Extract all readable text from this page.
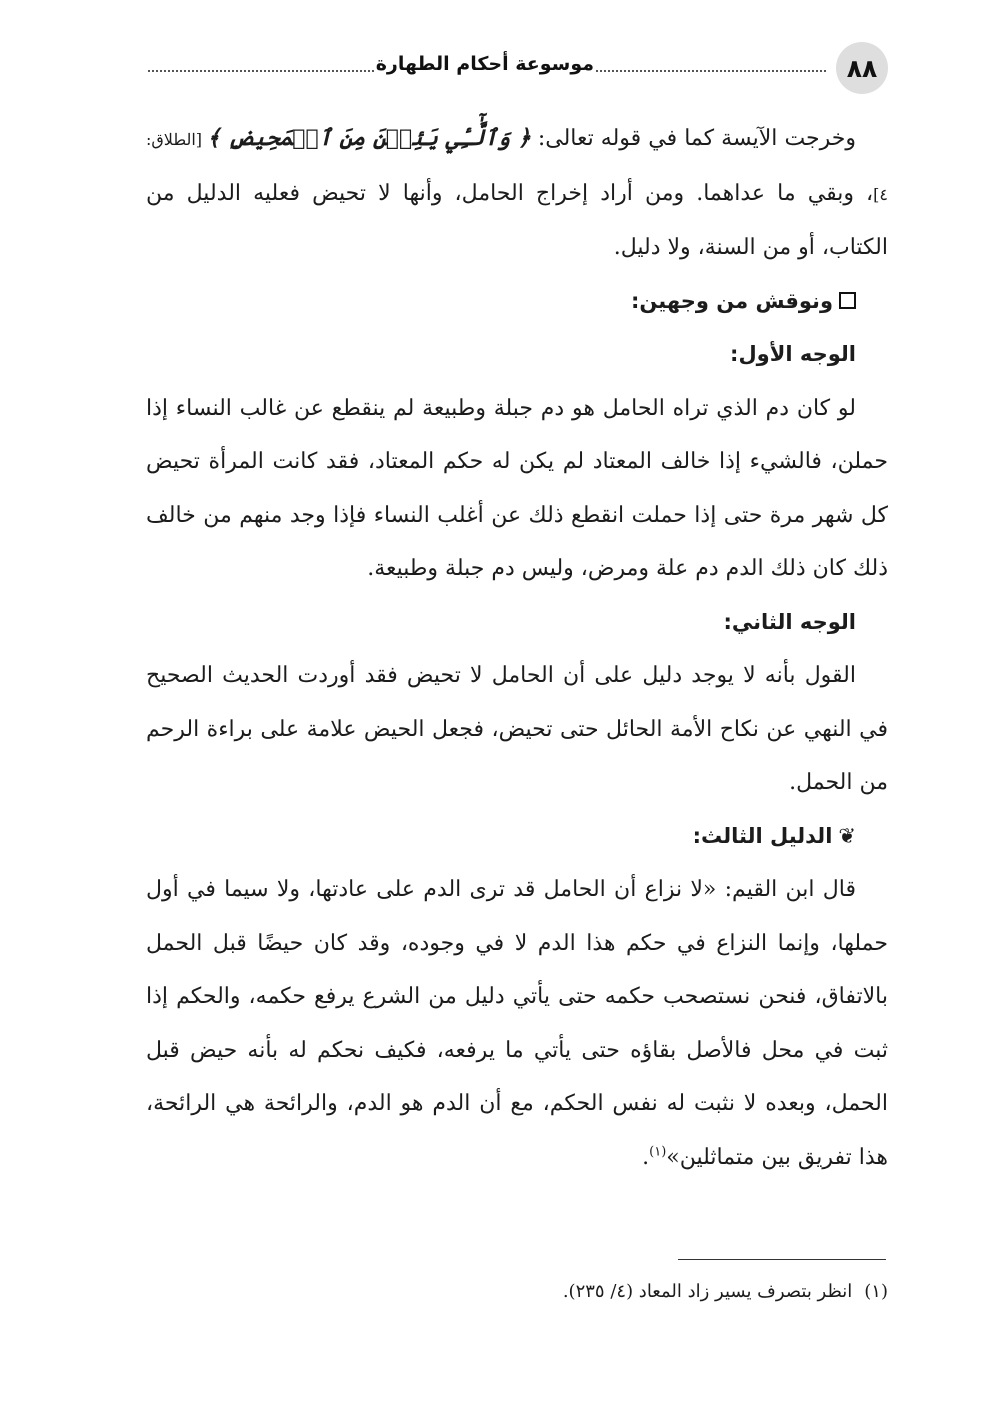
٨٨
موسوعة أحكام الطهارة

وخرجت الآيسة كما في قوله تعالى: ﴿ وَٱلَّٰٓـِٔي يَئِسۡنَ مِنَ ٱلۡمَحِيضِ ﴾ [الطلاق: ٤]، وبقي ما عداهما. ومن أراد إخراج الحامل، وأنها لا تحيض فعليه الدليل من الكتاب، أو من السنة، ولا دليل.

ونوقش من وجهين:

الوجه الأول:

لو كان دم الذي تراه الحامل هو دم جبلة وطبيعة لم ينقطع عن غالب النساء إذا حملن، فالشيء إذا خالف المعتاد لم يكن له حكم المعتاد، فقد كانت المرأة تحيض كل شهر مرة حتى إذا حملت انقطع ذلك عن أغلب النساء فإذا وجد منهم من خالف ذلك كان ذلك الدم دم علة ومرض، وليس دم جبلة وطبيعة.

الوجه الثاني:

القول بأنه لا يوجد دليل على أن الحامل لا تحيض فقد أوردت الحديث الصحيح في النهي عن نكاح الأمة الحائل حتى تحيض، فجعل الحيض علامة على براءة الرحم من الحمل.

❦الدليل الثالث:

قال ابن القيم: «لا نزاع أن الحامل قد ترى الدم على عادتها، ولا سيما في أول حملها، وإنما النزاع في حكم هذا الدم لا في وجوده، وقد كان حيضًا قبل الحمل بالاتفاق، فنحن نستصحب حكمه حتى يأتي دليل من الشرع يرفع حكمه، والحكم إذا ثبت في محل فالأصل بقاؤه حتى يأتي ما يرفعه، فكيف نحكم له بأنه حيض قبل الحمل، وبعده لا نثبت له نفس الحكم، مع أن الدم هو الدم، والرائحة هي الرائحة، هذا تفريق بين متماثلين»$^{(١)}$.

(١)انظر بتصرف يسير زاد المعاد (٤/ ٢٣٥).
